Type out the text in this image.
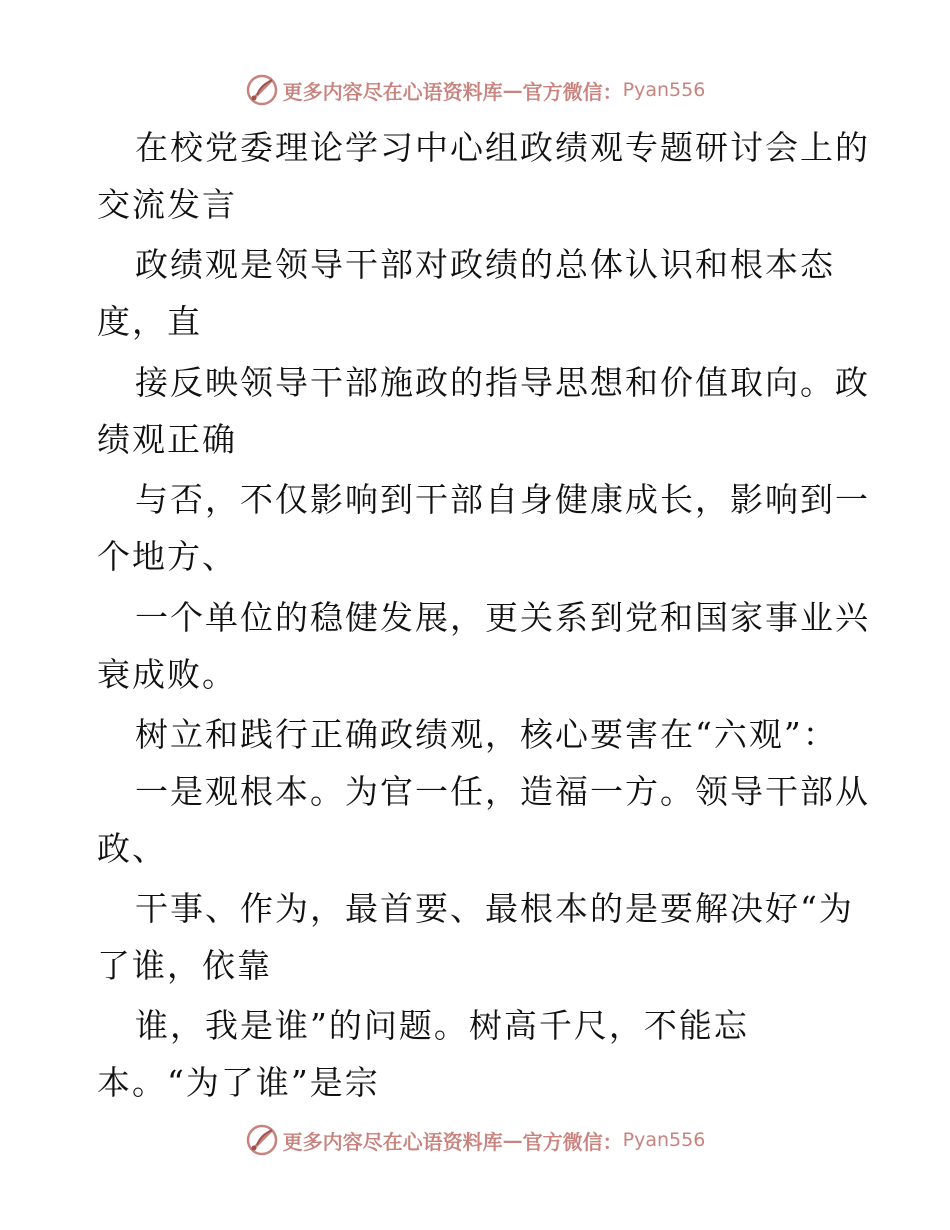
更多内容尽在心语资料库 — 官方微信： Pyan556
在校党委理论学习中心组政绩观专题研讨会上的
交流发言
政绩观是领导干部对政绩的总体认识和根本态
度，直
接反映领导干部施政的指导思想和价值取向。政
绩观正确
与否，不仅影响到干部自身健康成长，影响到一
个地方、
一个单位的稳健发展，更关系到党和国家事业兴
衰成败。
树立和践行正确政绩观，核心要害在“六观”：
一是观根本。为官一任，造福一方。领导干部从
政、
干事、作为，最首要、最根本的是要解决好“为
了谁，依靠
谁，我是谁”的问题。树高千尺，不能忘
本。“为了谁”是宗
更多内容尽在心语资料库 — 官方微信： Pyan556
